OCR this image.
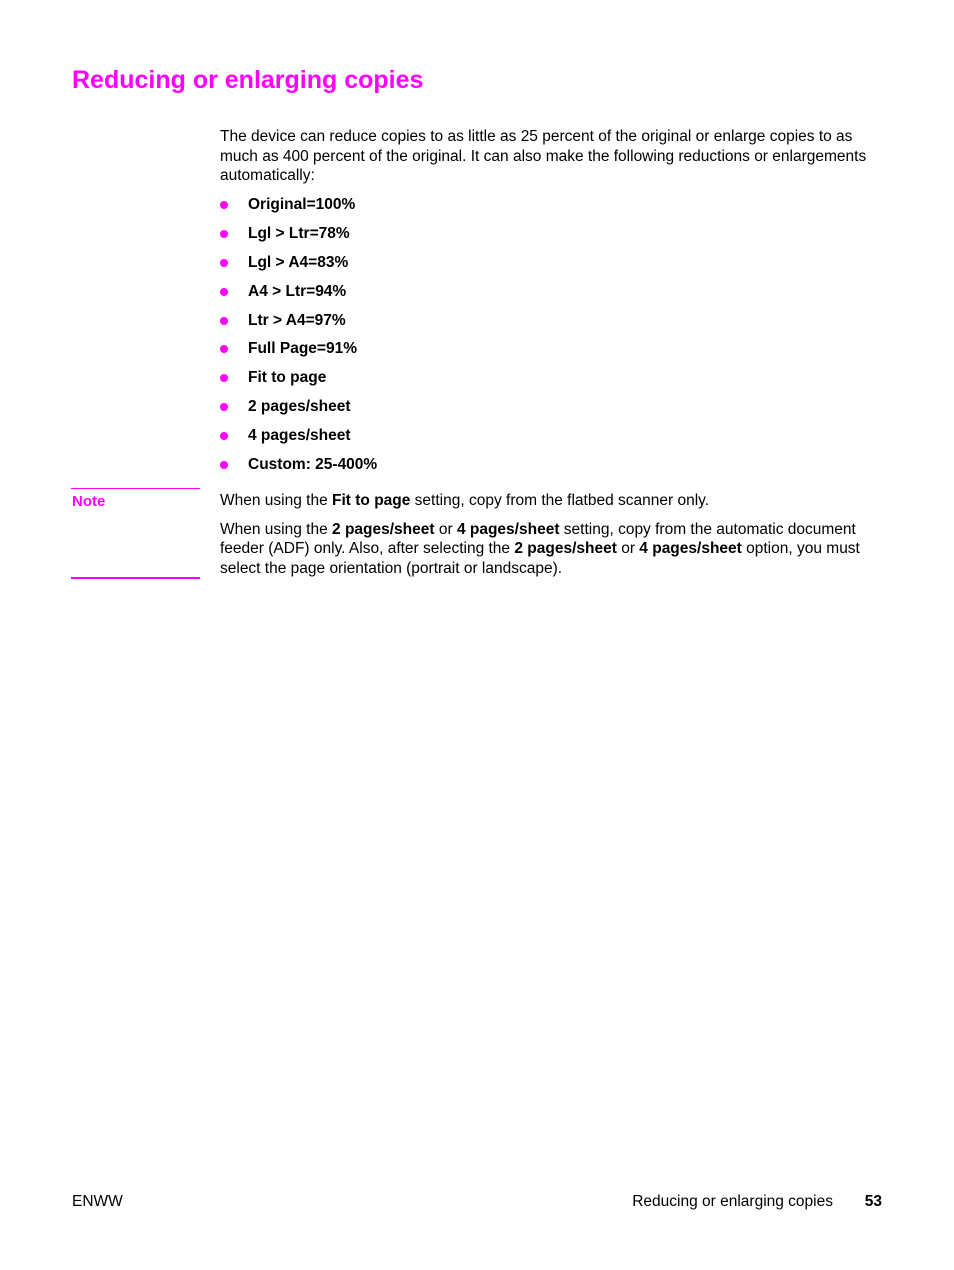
Reducing or enlarging copies

The device can reduce copies to as little as 25 percent of the original or enlarge copies to as much as 400 percent of the original. It can also make the following reductions or enlargements automatically:

Original=100%
Lgl > Ltr=78%
Lgl > A4=83%
A4 > Ltr=94%
Ltr > A4=97%
Full Page=91%
Fit to page
2 pages/sheet
4 pages/sheet
Custom: 25-400%
Note	When using the Fit to page setting, copy from the flatbed scanner only.

When using the 2 pages/sheet or 4 pages/sheet setting, copy from the automatic document feeder (ADF) only. Also, after selecting the 2 pages/sheet or 4 pages/sheet option, you must select the page orientation (portrait or landscape).

ENWW	Reducing or enlarging copies 53
